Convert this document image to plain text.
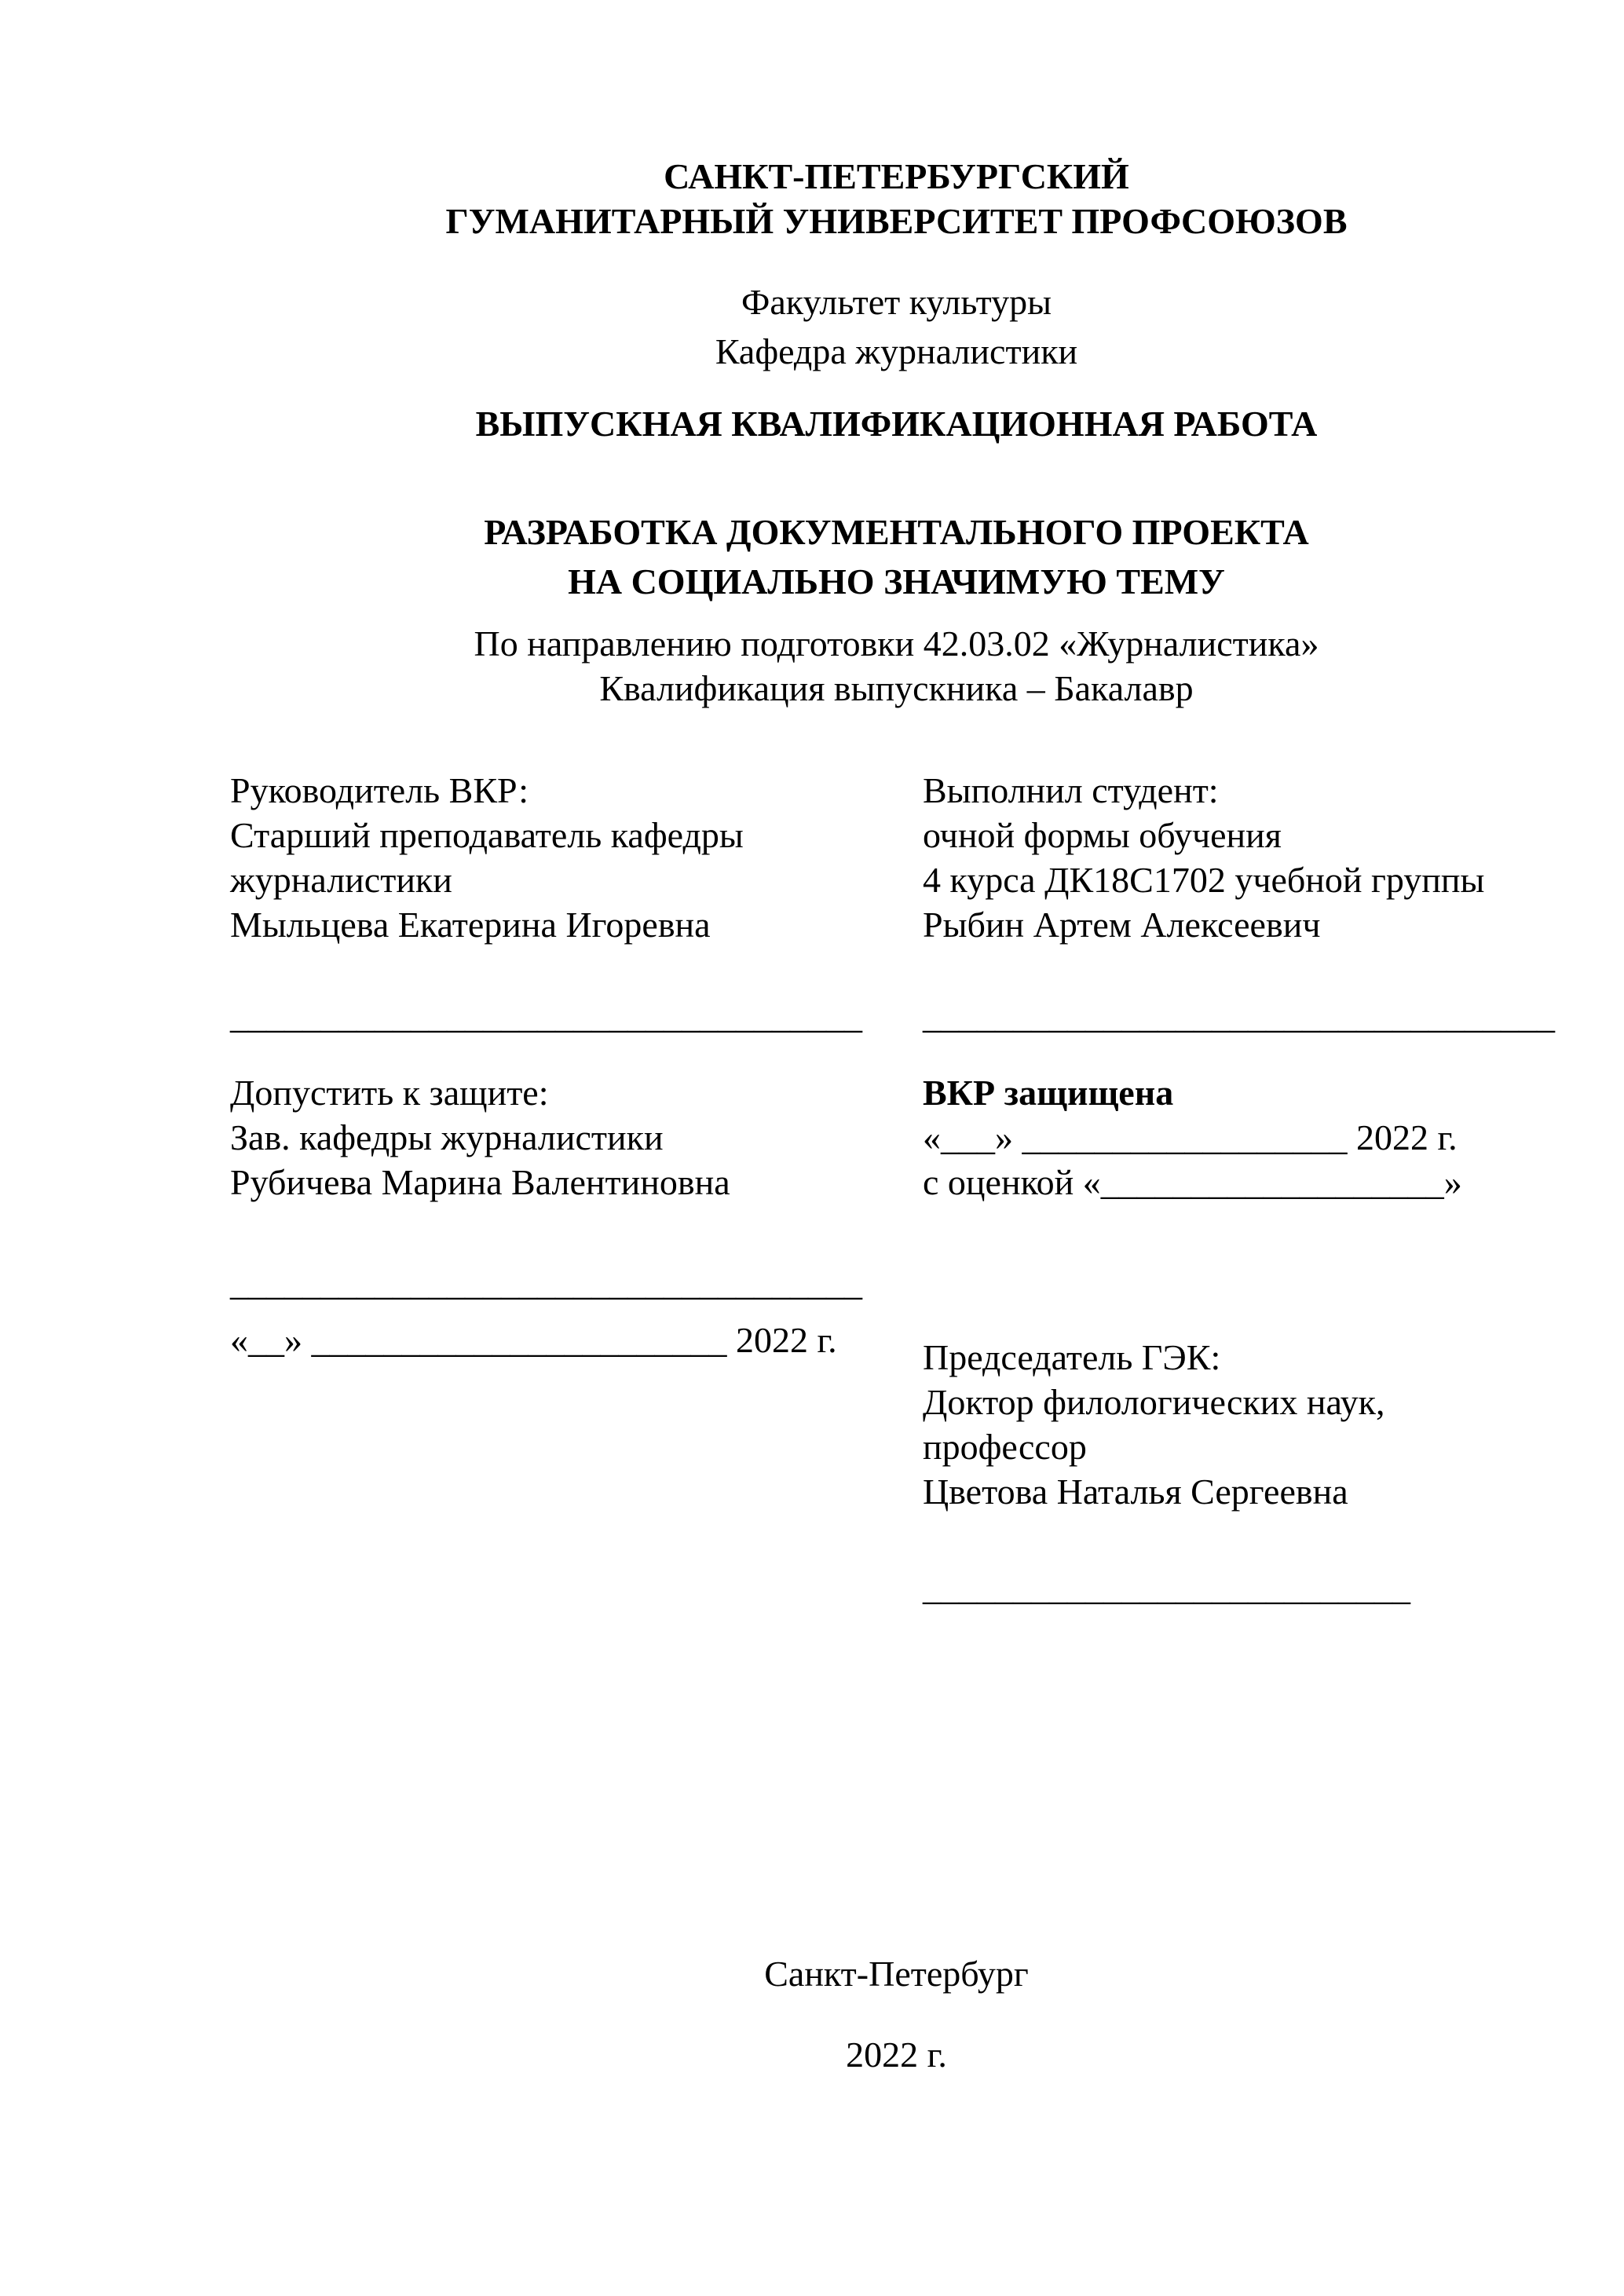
САНКТ-ПЕТЕРБУРГСКИЙ
ГУМАНИТАРНЫЙ УНИВЕРСИТЕТ ПРОФСОЮЗОВ
Факультет культуры
Кафедра журналистики
ВЫПУСКНАЯ КВАЛИФИКАЦИОННАЯ РАБОТА
РАЗРАБОТКА ДОКУМЕНТАЛЬНОГО ПРОЕКТА
НА СОЦИАЛЬНО ЗНАЧИМУЮ ТЕМУ
По направлению подготовки 42.03.02 «Журналистика»
Квалификация выпускника – Бакалавр
Руководитель ВКР:
Старший преподаватель кафедры
журналистики
Мыльцева Екатерина Игоревна
___________________________________
Допустить к защите:
Зав. кафедры журналистики
Рубичева Марина Валентиновна
___________________________________
«__» _______________________ 2022 г.
Выполнил студент:
очной формы обучения
4 курса ДК18С1702 учебной группы
Рыбин Артем Алексеевич
___________________________________
ВКР защищена
«___» __________________ 2022 г.
с оценкой «___________________»
Председатель ГЭК:
Доктор филологических наук,
профессор
Цветова Наталья Сергеевна
___________________________
Санкт-Петербург
2022 г.
